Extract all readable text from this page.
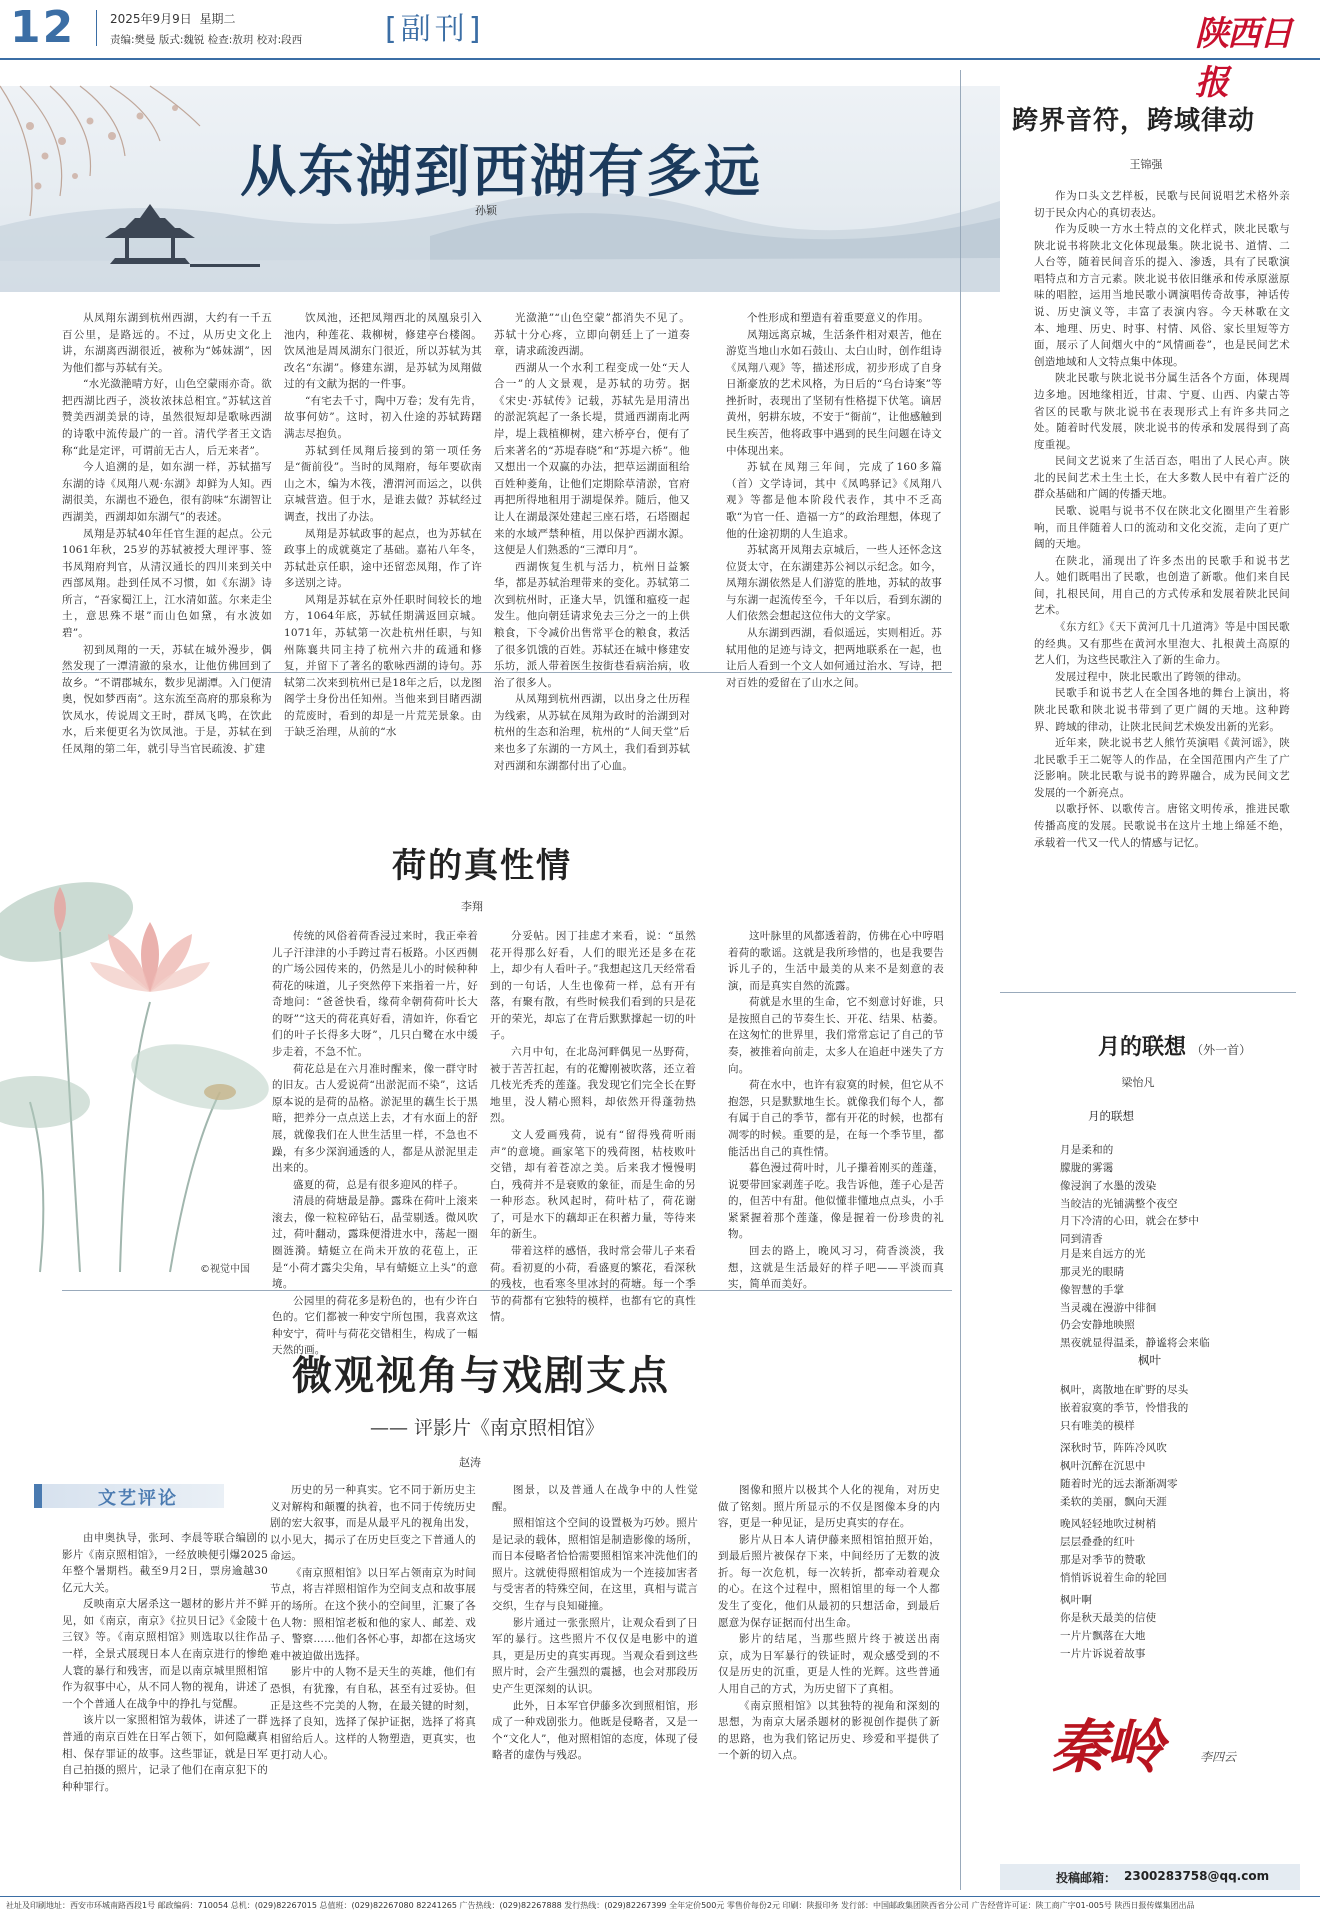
12	2025年9月9日 星期二
责编:樊曼 版式:魏锐 检查:敖玥 校对:段西	[副刊]	陕西日报
从东湖到西湖有多远
孙颖

从凤翔东湖到杭州西湖，大约有一千五百公里，是路远的。不过，从历史文化上讲，东湖离西湖很近，被称为“姊妹湖”，因为他们都与苏轼有关。

“水光潋滟晴方好，山色空蒙雨亦奇。欲把西湖比西子，淡妆浓抹总相宜。”苏轼这首赞美西湖美景的诗，虽然很短却是歌咏西湖的诗歌中流传最广的一首。清代学者王文诰称“此是定评，可谓前无古人，后无来者”。

今人追溯的是，如东湖一样，苏轼描写东湖的诗《凤翔八观·东湖》却鲜为人知。西湖很美，东湖也不逊色，很有韵味“东湖智让西湖美，西湖却如东湖气”的表述。

凤翔是苏轼40年任官生涯的起点。公元1061年秋，25岁的苏轼被授大理评事、签书凤翔府判官，从清汉通长的四川来到关中西部凤翔。赴到任凤不习惯，如《东湖》诗所言，“吾家蜀江上，江水清如蓝。尔来走尘土，意思殊不堪”而山色如黛，有水波如碧”。

初到凤翔的一天，苏轼在城外漫步，偶然发现了一潭清澈的泉水，让他仿佛回到了故乡。“不谓郡城东，数步见湖潭。入门便清奥，怳如梦西南”。这东流至高府的那泉称为饮凤水，传说周文王时，群凤飞鸣，在饮此水，后来便更名为饮凤池。于是，苏轼在到任凤翔的第二年，就引导当官民疏浚、扩建

饮凤池，还把凤翔西北的凤凰泉引入池内，种莲花、栽柳树，修建亭台楼阁。饮凤池是周凤湖东门很近，所以苏轼为其改名“东湖”。修建东湖，是苏轼为凤翔做过的有文献为据的一件事。

“有宅去千寸，陶中万卷；发有先肯，故事何妨”。这时，初入仕途的苏轼踌躇满志尽抱负。

苏轼到任凤翔后接到的第一项任务是“衙前役”。当时的凤翔府，每年要砍南山之木，编为木筏，漕渭河而运之，以供京城营造。但于水，是谁去做？苏轼经过调查，找出了办法。

凤翔是苏轼政事的起点，也为苏轼在政事上的成就奠定了基础。嘉祐八年冬，苏轼赴京任职，途中还留恋凤翔，作了许多送别之诗。

风翔是苏轼在京外任职时间较长的地方，1064年底，苏轼任期满返回京城。1071年，苏轼第一次赴杭州任职，与知州陈襄共同主持了杭州六井的疏通和修复，并留下了著名的歌咏西湖的诗句。苏轼第二次来到杭州已是18年之后，以龙图阁学士身份出任知州。当他来到目睹西湖的荒废时，看到的却是一片荒芜景象。由于缺乏治理，从前的“水

光潋滟”“山色空蒙”都消失不见了。苏轼十分心疼，立即向朝廷上了一道奏章，请求疏浚西湖。

西湖从一个水利工程变成一处“天人合一”的人文景观，是苏轼的功劳。据《宋史·苏轼传》记载，苏轼先是用清出的淤泥筑起了一条长堤，贯通西湖南北两岸，堤上栽植柳树，建六桥亭台，便有了后来著名的“苏堤春晓”和“苏堤六桥”。他又想出一个双赢的办法，把草运湖面租给百姓种菱角，让他们定期除草清淤，官府再把所得地租用于湖堤保养。随后，他又让人在湖最深处建起三座石塔，石塔圈起来的水域严禁种植，用以保护西湖水源。这便是人们熟悉的“三潭印月”。

西湖恢复生机与活力，杭州日益繁华，都是苏轼治理带来的变化。苏轼第二次到杭州时，正逢大旱，饥馑和瘟疫一起发生。他向朝廷请求免去三分之一的上供粮食，下令减价出售常平仓的粮食，救活了很多饥饿的百姓。苏轼还在城中修建安乐坊，派人带着医生按街巷看病治病，收治了很多人。

从凤翔到杭州西湖，以出身之仕历程为线索，从苏轼在凤翔为政时的治湖到对杭州的生态和治理，杭州的“人间天堂”后来也多了东湖的一方风土，我们看到苏轼对西湖和东湖都付出了心血。

个性形成和塑造有着重要意义的作用。

凤翔远离京城，生活条件相对艰苦，他在游览当地山水如石鼓山、太白山时，创作组诗《凤翔八观》等，描述形成，初步形成了自身日渐豪放的艺术风格，为日后的“乌台诗案”等挫折时，表现出了坚韧有性格提下伏笔。谪居黄州，躬耕东坡，不安于“衙前”，让他感触到民生疾苦，他将政事中遇到的民生问题在诗文中体现出来。

苏轼在凤翔三年间，完成了160多篇（首）文学诗词，其中《凤鸣驿记》《凤翔八观》等都是他本阶段代表作，其中不乏高歌“为官一任、造福一方”的政治理想，体现了他的仕途初期的人生追求。

苏轼离开凤翔去京城后，一些人还怀念这位贤太守，在东湖建苏公祠以示纪念。如今，凤翔东湖依然是人们游览的胜地，苏轼的故事与东湖一起流传至今，千年以后，看到东湖的人们依然会想起这位伟大的文学家。

从东湖到西湖，看似遥远，实则相近。苏轼用他的足迹与诗文，把两地联系在一起，也让后人看到一个文人如何通过治水、写诗，把对百姓的爱留在了山水之间。

荷的真性情
李翔
©视觉中国

传统的风俗着荷香浸过来时，我正牵着儿子汗津津的小手跨过青石板路。小区西侧的广场公园传来的，仍然是儿小的时候种种荷花的味道，儿子突然停下来指着一片，好奇地问：“爸爸快看，缘荷伞朝荷荷叶长大的呀”“这天的荷花真好看，清如许，你看它们的叶子长得多大呀”，几只白鹭在水中缓步走着，不急不忙。

荷花总是在六月准时醒来，像一群守时的旧友。古人爱说荷“出淤泥而不染”，这话原本说的是荷的品格。淤泥里的藕生长于黑暗，把养分一点点送上去，才有水面上的舒展，就像我们在人世生活里一样，不急也不躁，有多少深润通透的人，都是从淤泥里走出来的。

盛夏的荷，总是有很多迎风的样子。

清晨的荷塘最是静。露珠在荷叶上滚来滚去，像一粒粒碎钻石，晶莹剔透。微风吹过，荷叶翻动，露珠便滑进水中，荡起一圈圈涟漪。蜻蜓立在尚未开放的花苞上，正是“小荷才露尖尖角，早有蜻蜓立上头”的意境。

公园里的荷花多是粉色的，也有少许白色的。它们都被一种安宁所包围，我喜欢这种安宁，荷叶与荷花交错相生，构成了一幅天然的画。

分妥帖。因丁挂虑才来看，说：“虽然花开得那么好看，人们的眼光还是多在花上，却少有人看叶子。”我想起这几天经常看到的一句话，人生也像荷一样，总有开有落，有聚有散，有些时候我们看到的只是花开的荣光，却忘了在背后默默撑起一切的叶子。

六月中旬，在北岛河畔偶见一丛野荷，被于苦苦扛起，有的花瓣刚被吹落，还立着几枝光秃秃的莲蓬。我发现它们完全长在野地里，没人精心照料，却依然开得蓬勃热烈。

文人爱画残荷，说有“留得残荷听雨声”的意境。画家笔下的残荷图，枯枝败叶交错，却有着苍凉之美。后来我才慢慢明白，残荷并不是衰败的象征，而是生命的另一种形态。秋风起时，荷叶枯了，荷花谢了，可是水下的藕却正在积蓄力量，等待来年的新生。

带着这样的感悟，我时常会带儿子来看荷。看初夏的小荷，看盛夏的繁花，看深秋的残枝，也看寒冬里冰封的荷塘。每一个季节的荷都有它独特的模样，也都有它的真性情。

这叶脉里的风都透着韵，仿佛在心中哼唱着荷的歌谣。这就是我所珍惜的，也是我要告诉儿子的，生活中最美的从来不是刻意的表演，而是真实自然的流露。

荷就是水里的生命，它不刻意讨好谁，只是按照自己的节奏生长、开花、结果、枯萎。在这匆忙的世界里，我们常常忘记了自己的节奏，被推着向前走，太多人在追赶中迷失了方向。

荷在水中，也许有寂寞的时候，但它从不抱怨，只是默默地生长。就像我们每个人，都有属于自己的季节，都有开花的时候，也都有凋零的时候。重要的是，在每一个季节里，都能活出自己的真性情。

暮色漫过荷叶时，儿子攥着刚买的莲蓬，说要带回家剥莲子吃。我告诉他，莲子心是苦的，但苦中有甜。他似懂非懂地点点头，小手紧紧握着那个莲蓬，像是握着一份珍贵的礼物。

回去的路上，晚风习习，荷香淡淡，我想，这就是生活最好的样子吧——平淡而真实，简单而美好。

微观视角与戏剧支点
—— 评影片《南京照相馆》
赵涛
文艺评论

由申奥执导，张珂、李晨等联合编剧的影片《南京照相馆》，一经放映便引爆2025年整个暑期档。截至9月2日，票房逾越30亿元大关。

反映南京大屠杀这一题材的影片并不鲜见，如《南京，南京》《拉贝日记》《金陵十三钗》等。《南京照相馆》则选取以往作品一样，全景式展现日本人在南京进行的惨绝人寰的暴行和残害，而是以南京城里照相馆作为叙事中心，从不同人物的视角，讲述了一个个普通人在战争中的挣扎与觉醒。

该片以一家照相馆为载体，讲述了一群普通的南京百姓在日军占领下，如何隐藏真相、保存罪证的故事。这些罪证，就是日军自己拍摄的照片，记录了他们在南京犯下的种种罪行。

历史的另一种真实。它不同于新历史主义对解构和颠覆的执着，也不同于传统历史剧的宏大叙事，而是从最平凡的视角出发，以小见大，揭示了在历史巨变之下普通人的命运。

《南京照相馆》以日军占领南京为时间节点，将吉祥照相馆作为空间支点和故事展开的场所。在这个狭小的空间里，汇聚了各色人物：照相馆老板和他的家人、邮差、戏子、警察……他们各怀心事，却都在这场灾难中被迫做出选择。

影片中的人物不是天生的英雄，他们有恐惧，有犹豫，有自私，甚至有过妥协。但正是这些不完美的人物，在最关键的时刻，选择了良知，选择了保护证据，选择了将真相留给后人。这样的人物塑造，更真实，也更打动人心。

图景，以及普通人在战争中的人性觉醒。

照相馆这个空间的设置极为巧妙。照片是记录的载体，照相馆是制造影像的场所，而日本侵略者恰恰需要照相馆来冲洗他们的照片。这就使得照相馆成为一个连接加害者与受害者的特殊空间，在这里，真相与谎言交织，生存与良知碰撞。

影片通过一张张照片，让观众看到了日军的暴行。这些照片不仅仅是电影中的道具，更是历史的真实再现。当观众看到这些照片时，会产生强烈的震撼，也会对那段历史产生更深刻的认识。

此外，日本军官伊藤多次到照相馆，形成了一种戏剧张力。他既是侵略者，又是一个“文化人”，他对照相馆的态度，体现了侵略者的虚伪与残忍。

图像和照片以极其个人化的视角，对历史做了铭刻。照片所显示的不仅是图像本身的内容，更是一种见证，是历史真实的存在。

影片从日本人请伊藤来照相馆拍照开始，到最后照片被保存下来，中间经历了无数的波折。每一次危机，每一次转折，都牵动着观众的心。在这个过程中，照相馆里的每一个人都发生了变化，他们从最初的只想活命，到最后愿意为保存证据而付出生命。

影片的结尾，当那些照片终于被送出南京，成为日军暴行的铁证时，观众感受到的不仅是历史的沉重，更是人性的光辉。这些普通人用自己的方式，为历史留下了真相。

《南京照相馆》以其独特的视角和深刻的思想，为南京大屠杀题材的影视创作提供了新的思路，也为我们铭记历史、珍爱和平提供了一个新的切入点。

跨界音符，跨域律动
王锦强

作为口头文艺样板，民歌与民间说唱艺术格外亲切于民众内心的真切表达。

作为反映一方水土特点的文化样式，陕北民歌与陕北说书将陕北文化体现最集。陕北说书、道情、二人台等，随着民间音乐的提入、渗透，具有了民歌演唱特点和方言元素。陕北说书依旧继承和传承原滋原味的唱腔，运用当地民歌小调演唱传奇故事，神话传说、历史演义等，丰富了表演内容。今天林歌在文本、地理、历史、时事、村情、风俗、家长里短等方面，展示了人间烟火中的“风情画卷”，也是民间艺术创造地域和人文特点集中体现。

陕北民歌与陕北说书分属生活各个方面，体现周边多地。因地缘相近，甘肃、宁夏、山西、内蒙古等省区的民歌与陕北说书在表现形式上有许多共同之处。随着时代发展，陕北说书的传承和发展得到了高度重视。

民间文艺说来了生活百态，唱出了人民心声。陕北的民间艺术土生土长，在大多数人民中有着广泛的群众基础和广阔的传播天地。

民歌、说唱与说书不仅在陕北文化圈里产生着影响，而且伴随着人口的流动和文化交流，走向了更广阔的天地。

在陕北，涌现出了许多杰出的民歌手和说书艺人。她们既唱出了民歌，也创造了新歌。他们来自民间，扎根民间，用自己的方式传承和发展着陕北民间艺术。

《东方红》《天下黄河几十几道湾》等是中国民歌的经典。又有那些在黄河水里泡大、扎根黄土高原的艺人们，为这些民歌注入了新的生命力。

发展过程中，陕北民歌出了跨领的律动。

民歌手和说书艺人在全国各地的舞台上演出，将陕北民歌和陕北说书带到了更广阔的天地。这种跨界、跨域的律动，让陕北民间艺术焕发出新的光彩。

近年来，陕北说书艺人熊竹英演唱《黄河谣》，陕北民歌手王二妮等人的作品，在全国范围内产生了广泛影响。陕北民歌与说书的跨界融合，成为民间文艺发展的一个新亮点。

以歌抒怀、以歌传言。唐铭文明传承，推进民歌传播高度的发展。民歌说书在这片土地上绵延不绝，承载着一代又一代人的情感与记忆。

月的联想 （外一首）
梁怡凡
月的联想

月是柔和的

朦胧的雾霭

像浸润了水墨的泼染

当皎洁的光铺满整个夜空

月下冷清的心田，就会在梦中

同到清香

月是来自远方的光

那灵光的眼睛

像智慧的手掌

当灵魂在漫游中徘徊

仍会安静地映照

黑夜就显得温柔，静谧将会来临

枫叶

枫叶，离散地在旷野的尽头

嵌着寂寞的季节，怜惜我的

只有唯美的模样

深秋时节，阵阵冷风吹

枫叶沉醉在沉思中

随着时光的远去渐渐凋零

柔软的美丽，飘向天涯

晚风轻轻地吹过树梢

层层叠叠的红叶

那是对季节的赞歌

悄悄诉说着生命的轮回

枫叶啊

你是秋天最美的信使

一片片飘落在大地

一片片诉说着故事

秦岭	李四云
投稿邮箱： 2300283758@qq.com
社址及印刷地址：西安市环城南路西段1号 邮政编码：710054 总机：(029)82267015 总值班：(029)82267080 82241265 广告热线：(029)82267888 发行热线：(029)82267399 全年定价500元 零售价每份2元 印刷：陕报印务 发行部：中国邮政集团陕西省分公司 广告经营许可证：陕工商广字01-005号 陕西日报传媒集团出品
